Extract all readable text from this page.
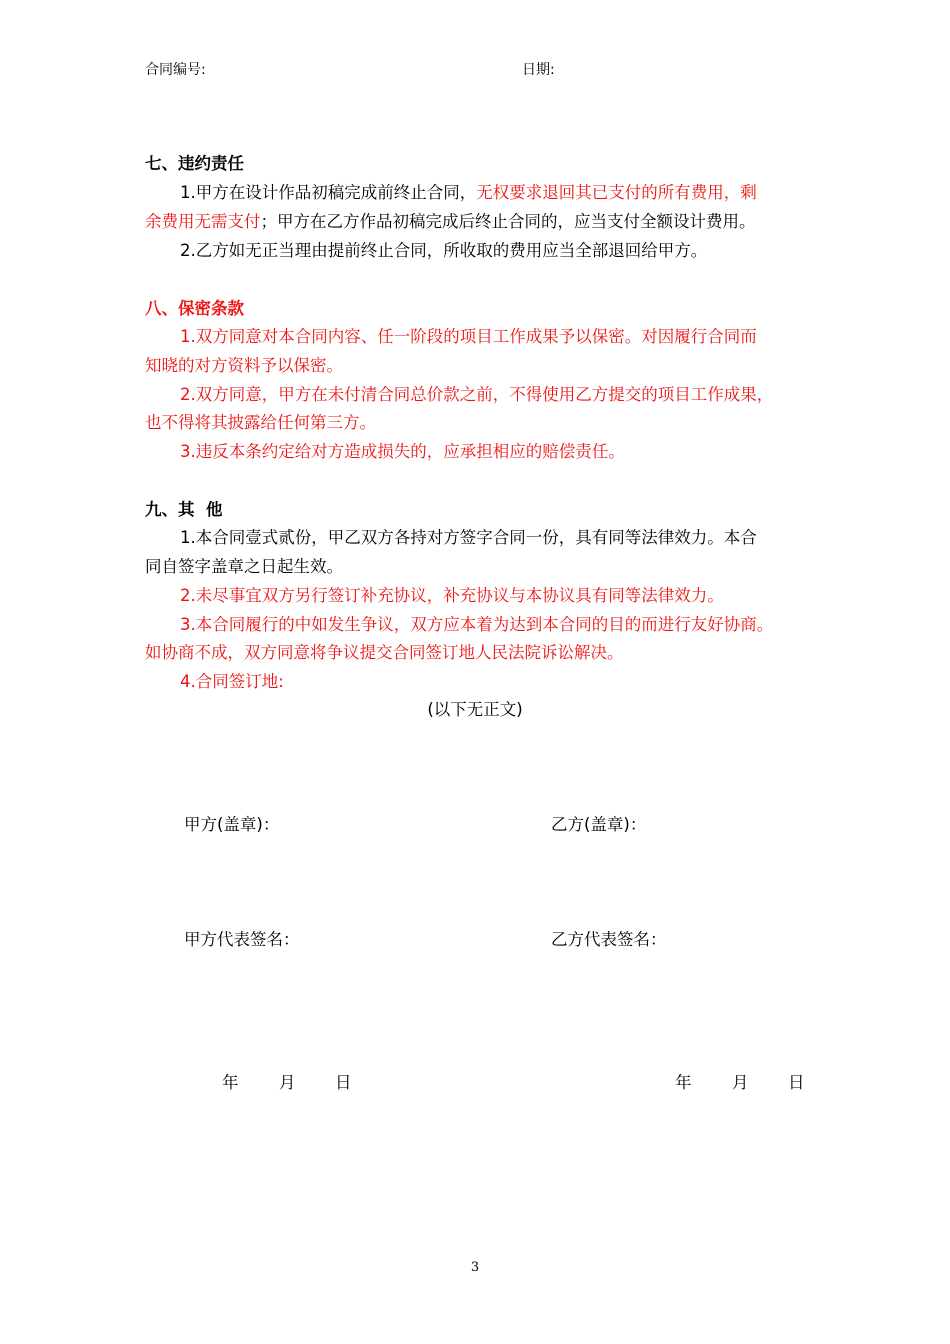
合同编号:	日期:
七、违约责任
1.甲方在设计作品初稿完成前终止合同，无权要求退回其已支付的所有费用，剩
余费用无需支付；甲方在乙方作品初稿完成后终止合同的，应当支付全额设计费用。
2.乙方如无正当理由提前终止合同，所收取的费用应当全部退回给甲方。
八、保密条款
1.双方同意对本合同内容、任一阶段的项目工作成果予以保密。对因履行合同而
知晓的对方资料予以保密。
2.双方同意，甲方在未付清合同总价款之前，不得使用乙方提交的项目工作成果，
也不得将其披露给任何第三方。
3.违反本条约定给对方造成损失的，应承担相应的赔偿责任。
九、其  他
1.本合同壹式贰份，甲乙双方各持对方签字合同一份，具有同等法律效力。本合
同自签字盖章之日起生效。
2.未尽事宜双方另行签订补充协议，补充协议与本协议具有同等法律效力。
3.本合同履行的中如发生争议，双方应本着为达到本合同的目的而进行友好协商。
如协商不成，双方同意将争议提交合同签订地人民法院诉讼解决。
4.合同签订地:
(以下无正文)
甲方(盖章)：	乙方(盖章)：
甲方代表签名：	乙方代表签名：
年 月 日	年 月 日
3
